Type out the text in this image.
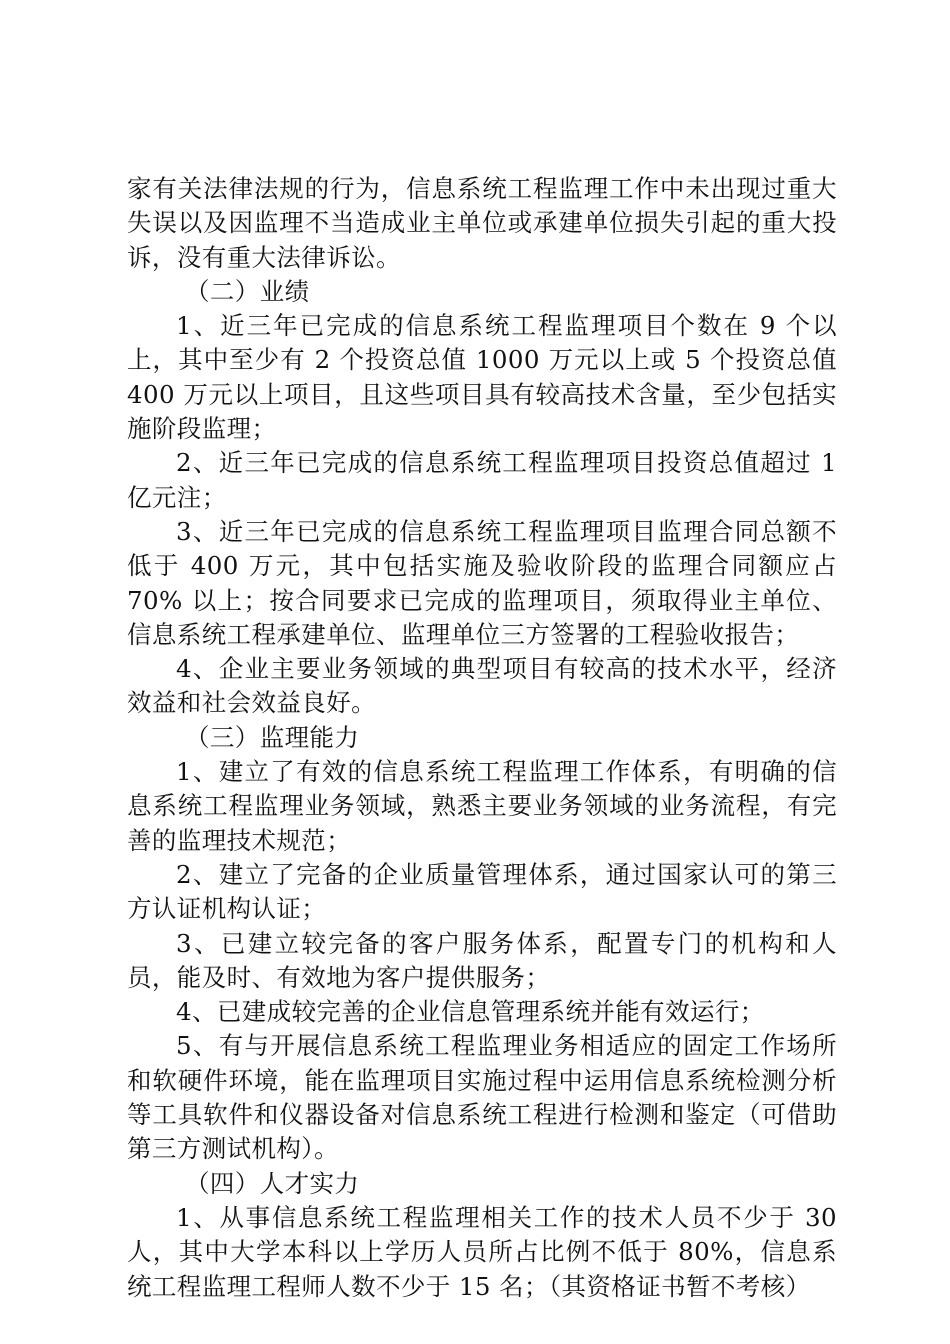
家有关法律法规的行为，信息系统工程监理工作中未出现过重大失误以及因监理不当造成业主单位或承建单位损失引起的重大投诉，没有重大法律诉讼。

（二）业绩

1、近三年已完成的信息系统工程监理项目个数在 9 个以上，其中至少有 2 个投资总值 1000 万元以上或 5 个投资总值 400 万元以上项目，且这些项目具有较高技术含量，至少包括实施阶段监理；

2、近三年已完成的信息系统工程监理项目投资总值超过 1 亿元注；

3、近三年已完成的信息系统工程监理项目监理合同总额不低于 400 万元，其中包括实施及验收阶段的监理合同额应占 70% 以上；按合同要求已完成的监理项目，须取得业主单位、信息系统工程承建单位、监理单位三方签署的工程验收报告；

4、企业主要业务领域的典型项目有较高的技术水平，经济效益和社会效益良好。

（三）监理能力

1、建立了有效的信息系统工程监理工作体系，有明确的信息系统工程监理业务领域，熟悉主要业务领域的业务流程，有完善的监理技术规范；

2、建立了完备的企业质量管理体系，通过国家认可的第三方认证机构认证；

3、已建立较完备的客户服务体系，配置专门的机构和人员，能及时、有效地为客户提供服务；

4、已建成较完善的企业信息管理系统并能有效运行；

5、有与开展信息系统工程监理业务相适应的固定工作场所和软硬件环境，能在监理项目实施过程中运用信息系统检测分析等工具软件和仪器设备对信息系统工程进行检测和鉴定（可借助第三方测试机构）。

（四）人才实力

1、从事信息系统工程监理相关工作的技术人员不少于 30 人，其中大学本科以上学历人员所占比例不低于 80%，信息系统工程监理工程师人数不少于 15 名；（其资格证书暂不考核）
